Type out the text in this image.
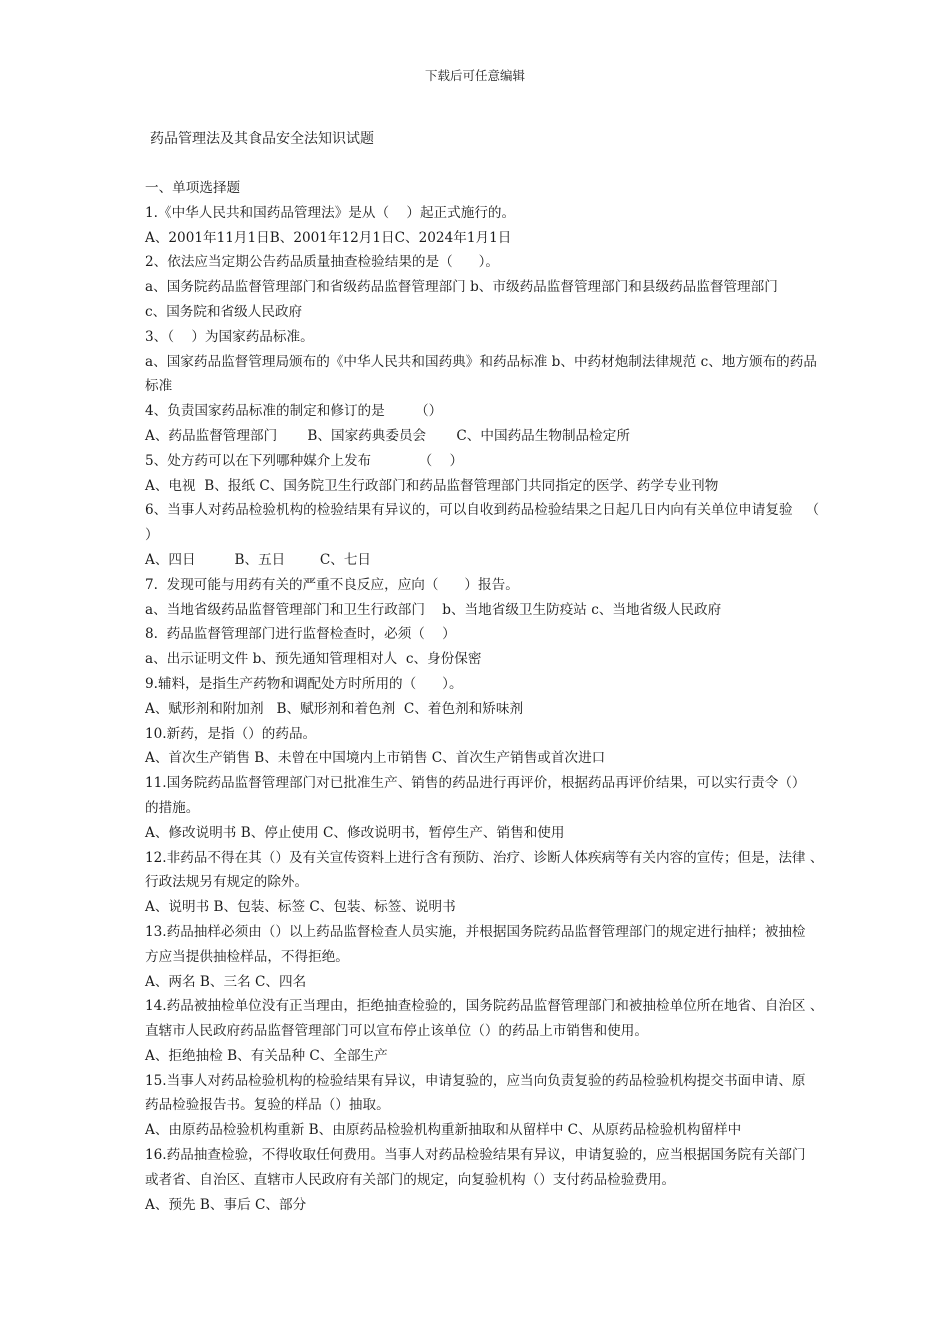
下载后可任意编辑
药品管理法及其食品安全法知识试题
一、单项选择题
1.《中华人民共和国药品管理法》是从（    ）起正式施行的。
A、2001年11月1日B、2001年12月1日C、2024年1月1日
2、依法应当定期公告药品质量抽查检验结果的是（      ）。
a、国务院药品监督管理部门和省级药品监督管理部门 b、市级药品监督管理部门和县级药品监督管理部门
c、国务院和省级人民政府
3、（    ）为国家药品标准。
a、国家药品监督管理局颁布的《中华人民共和国药典》和药品标准 b、中药材炮制法律规范 c、地方颁布的药品
标准
4、负责国家药品标准的制定和修订的是       （）
A、药品监督管理部门       B、国家药典委员会       C、中国药品生物制品检定所
5、处方药可以在下列哪种媒介上发布           （    ）
A、电视  B、报纸 C、国务院卫生行政部门和药品监督管理部门共同指定的医学、药学专业刊物
6、当事人对药品检验机构的检验结果有异议的，可以自收到药品检验结果之日起几日内向有关单位申请复验   （
）
A、四日         B、五日        C、七日
7.  发现可能与用药有关的严重不良反应，应向（      ）报告。
a、当地省级药品监督管理部门和卫生行政部门    b、当地省级卫生防疫站 c、当地省级人民政府
8.  药品监督管理部门进行监督检查时，必须（    ）
a、出示证明文件 b、预先通知管理相对人  c、身份保密
9.辅料，是指生产药物和调配处方时所用的（      ）。
A、赋形剂和附加剂   B、赋形剂和着色剂  C、着色剂和矫味剂
10.新药，是指（）的药品。
A、首次生产销售 B、未曾在中国境内上市销售 C、首次生产销售或首次进口
11.国务院药品监督管理部门对已批准生产、销售的药品进行再评价，根据药品再评价结果，可以实行责令（）
的措施。
A、修改说明书 B、停止使用 C、修改说明书，暂停生产、销售和使用
12.非药品不得在其（）及有关宣传资料上进行含有预防、治疗、诊断人体疾病等有关内容的宣传；但是，法律 、
行政法规另有规定的除外。
A、说明书 B、包装、标签 C、包装、标签、说明书
13.药品抽样必须由（）以上药品监督检查人员实施，并根据国务院药品监督管理部门的规定进行抽样；被抽检
方应当提供抽检样品，不得拒绝。
A、两名 B、三名 C、四名
14.药品被抽检单位没有正当理由，拒绝抽查检验的，国务院药品监督管理部门和被抽检单位所在地省、自治区 、
直辖市人民政府药品监督管理部门可以宣布停止该单位（）的药品上市销售和使用。
A、拒绝抽检 B、有关品种 C、全部生产
15.当事人对药品检验机构的检验结果有异议，申请复验的，应当向负责复验的药品检验机构提交书面申请、原
药品检验报告书。复验的样品（）抽取。
A、由原药品检验机构重新 B、由原药品检验机构重新抽取和从留样中 C、从原药品检验机构留样中
16.药品抽查检验，不得收取任何费用。当事人对药品检验结果有异议，申请复验的，应当根据国务院有关部门
或者省、自治区、直辖市人民政府有关部门的规定，向复验机构（）支付药品检验费用。
A、预先 B、事后 C、部分
